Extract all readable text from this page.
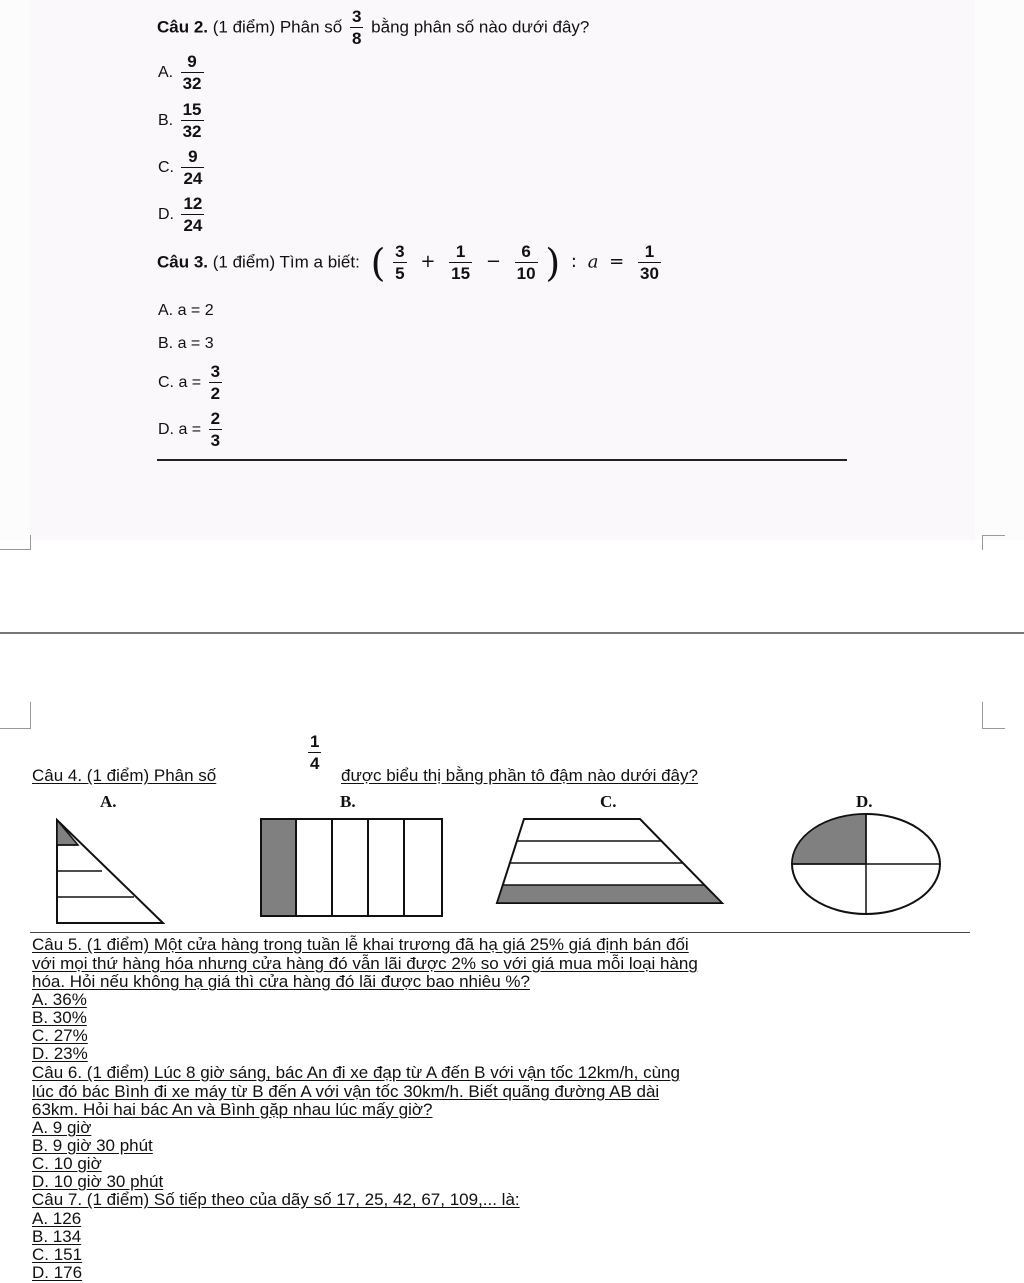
Câu 2. (1 điểm) Phân số $\frac{3}{8}$ bằng phân số nào dưới đây?
A. $\frac{9}{32}$
B. $\frac{15}{32}$
C. $\frac{9}{24}$
D. $\frac{12}{24}$
Câu 3. (1 điểm) Tìm a biết: ( $\frac{3}{5} + \frac{1}{15} - \frac{6}{10}$ ) : $a = \frac{1}{30}$
A. a = 2
B. a = 3
C. $a = \frac{3}{2}$
D. $a = \frac{2}{3}$
Câu 4. (1 điểm) Phân số
$\frac{1}{4}$
được biểu thị bằng phần tô đậm nào dưới đây?
A.	B.	C.	D.
Câu 5. (1 điểm) Một cửa hàng trong tuần lễ khai trương đã hạ giá 25% giá định bán đối
với mọi thứ hàng hóa nhưng cửa hàng đó vẫn lãi được 2% so với giá mua mỗi loại hàng
hóa. Hỏi nếu không hạ giá thì cửa hàng đó lãi được bao nhiêu %?
A. 36%
B. 30%
C. 27%
D. 23%
Câu 6. (1 điểm) Lúc 8 giờ sáng, bác An đi xe đạp từ A đến B với vận tốc 12km/h, cùng
lúc đó bác Bình đi xe máy từ B đến A với vận tốc 30km/h. Biết quãng đường AB dài
63km. Hỏi hai bác An và Bình gặp nhau lúc mấy giờ?
A. 9 giờ
B. 9 giờ 30 phút
C. 10 giờ
D. 10 giờ 30 phút
Câu 7. (1 điểm) Số tiếp theo của dãy số 17, 25, 42, 67, 109,... là:
A. 126
B. 134
C. 151
D. 176
